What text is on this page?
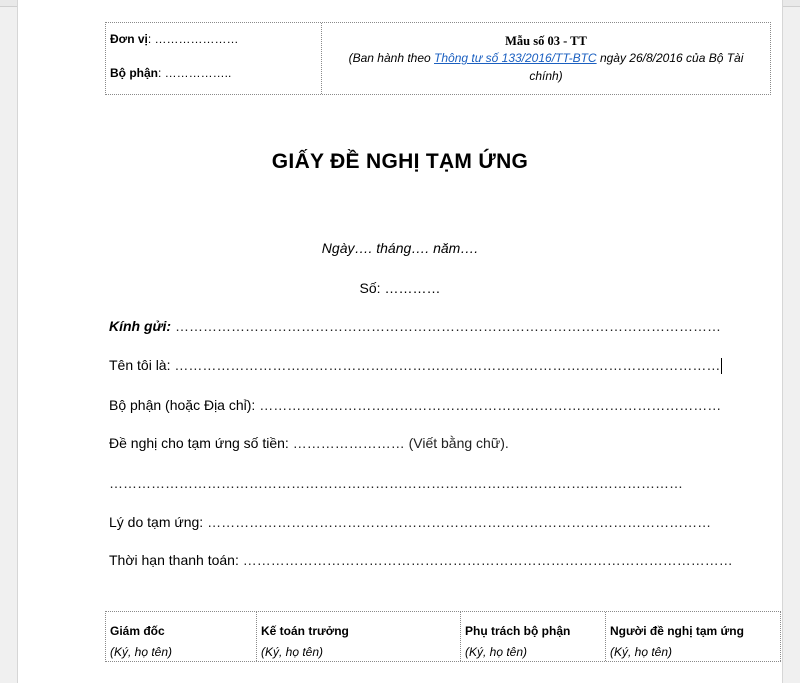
Đơn vị: …………………
Bộ phận: ……………..
Mẫu số 03 - TT
(Ban hành theo Thông tư số 133/2016/TT-BTC ngày 26/8/2016 của Bộ Tài chính)
GIẤY ĐỀ NGHỊ TẠM ỨNG
Ngày…. tháng…. năm….
Số: …………
Kính gửi: ………………………………………………………………………………………………………
Tên tôi là: ………………………………………………………………………………………………………
Bộ phận (hoặc Địa chỉ): ………………………………………………………………………………………
Đề nghị cho tạm ứng số tiền: …………………… (Viết bằng chữ).
……………………………………………………………………………………………………………
Lý do tạm ứng: ………………………………………………………………………………………………
Thời hạn thanh toán: ……………………………………………………………………………………………
Giám đốc
(Ký, họ tên)
Kế toán trưởng
(Ký, họ tên)
Phụ trách bộ phận
(Ký, họ tên)
Người đề nghị tạm ứng
(Ký, họ tên)
